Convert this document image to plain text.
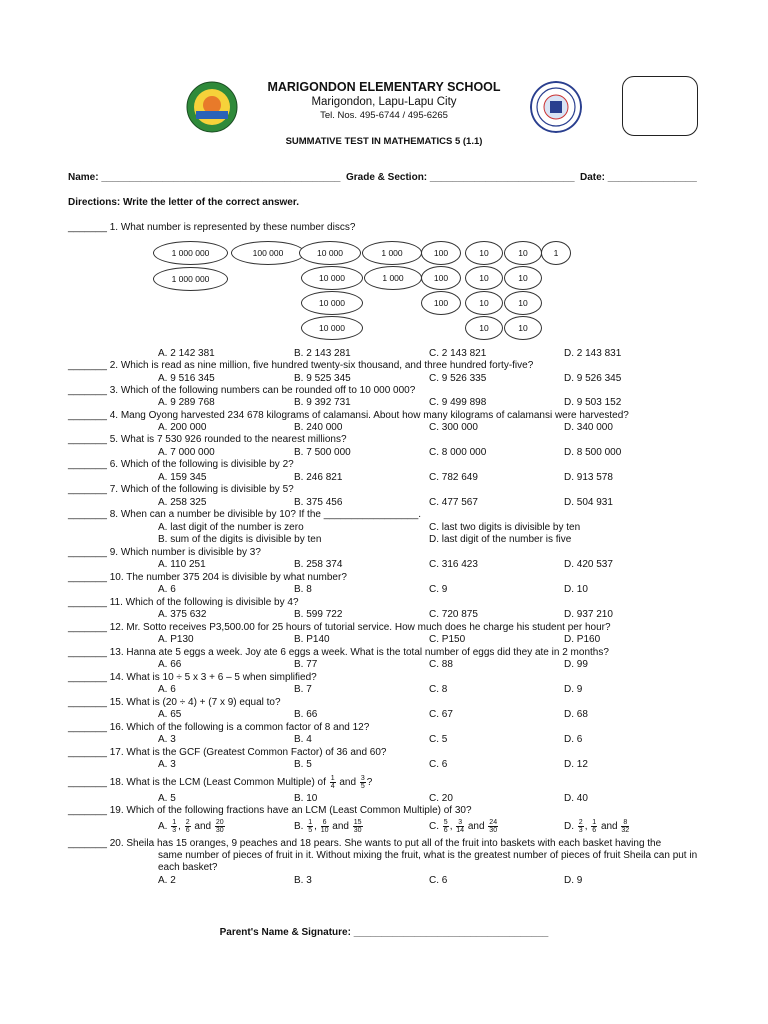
MARIGONDON ELEMENTARY SCHOOL
Marigondon, Lapu-Lapu City
Tel. Nos. 495-6744 / 495-6265
SUMMATIVE TEST IN MATHEMATICS 5 (1.1)
Name: ___________________________________________ Grade & Section: __________________________ Date: ________________
Directions: Write the letter of the correct answer.
1 000 000	100 000	10 000	1 000	100	10	10	1
1 000 000	10 000	1 000	100	10	10
10 000	100	10	10
10 000	10	10
_______ 1. What number is represented by these number discs?
A. 2 142 381	B. 2 143 281	C. 2 143 821	D. 2 143 831
_______ 2. Which is read as nine million, five hundred twenty-six thousand, and three hundred forty-five?
A. 9 516 345	B. 9 525 345	C. 9 526 335	D. 9 526 345
_______ 3. Which of the following numbers can be rounded off to 10 000 000?
A. 9 289 768	B. 9 392 731	C. 9 499 898	D. 9 503 152
_______ 4. Mang Oyong harvested 234 678 kilograms of calamansi. About how many kilograms of calamansi were harvested?
A. 200 000	B. 240 000	C. 300 000	D. 340 000
_______ 5. What is 7 530 926 rounded to the nearest millions?
A. 7 000 000	B. 7 500 000	C. 8 000 000	D. 8 500 000
_______ 6. Which of the following is divisible by 2?
A. 159 345	B. 246 821	C. 782 649	D. 913 578
_______ 7. Which of the following is divisible by 5?
A. 258 325	B. 375 456	C. 477 567	D. 504 931
_______ 8. When can a number be divisible by 10? If the _________________.
A. last digit of the number is zero	C. last two digits is divisible by ten
B. sum of the digits is divisible by ten	D. last digit of the number is five
_______ 9. Which number is divisible by 3?
A. 110 251	B. 258 374	C. 316 423	D. 420 537
_______ 10. The number 375 204 is divisible by what number?
A. 6	B. 8	C. 9	D. 10
_______ 11. Which of the following is divisible by 4?
A. 375 632	B. 599 722	C. 720 875	D. 937 210
_______ 12. Mr. Sotto receives P3,500.00 for 25 hours of tutorial service. How much does he charge his student per hour?
A. P130	B. P140	C. P150	D. P160
_______ 13. Hanna ate 5 eggs a week. Joy ate 6 eggs a week. What is the total number of eggs did they ate in 2 months?
A. 66	B. 77	C. 88	D. 99
_______ 14. What is 10 ÷ 5 x 3 + 6 – 5 when simplified?
A. 6	B. 7	C. 8	D. 9
_______ 15. What is (20 ÷ 4) + (7 x 9) equal to?
A. 65	B. 66	C. 67	D. 68
_______ 16. Which of the following is a common factor of 8 and 12?
A. 3	B. 4	C. 5	D. 6
_______ 17. What is the GCF (Greatest Common Factor) of 36 and 60?
A. 3	B. 5	C. 6	D. 12
_______ 18. What is the LCM (Least Common Multiple) of $\frac{1}{4}$ and $\frac{3}{5}$ ?
A. 5	B. 10	C. 20	D. 40
_______ 19. Which of the following fractions have an LCM (Least Common Multiple) of 30?
A. $\frac{1}{3}$ , $\frac{2}{6}$ and $\frac{20}{30}$	B. $\frac{1}{5}$ , $\frac{6}{10}$ and $\frac{15}{30}$	C. $\frac{5}{6}$ , $\frac{3}{14}$ and $\frac{24}{30}$	D. $\frac{2}{3}$ , $\frac{1}{6}$ and $\frac{8}{32}$
_______ 20. Sheila has 15 oranges, 9 peaches and 18 pears. She wants to put all of the fruit into baskets with each basket having the
same number of pieces of fruit in it. Without mixing the fruit, what is the greatest number of pieces of fruit Sheila can put in
each basket?
A. 2	B. 3	C. 6	D. 9
Parent's Name & Signature: ___________________________________
